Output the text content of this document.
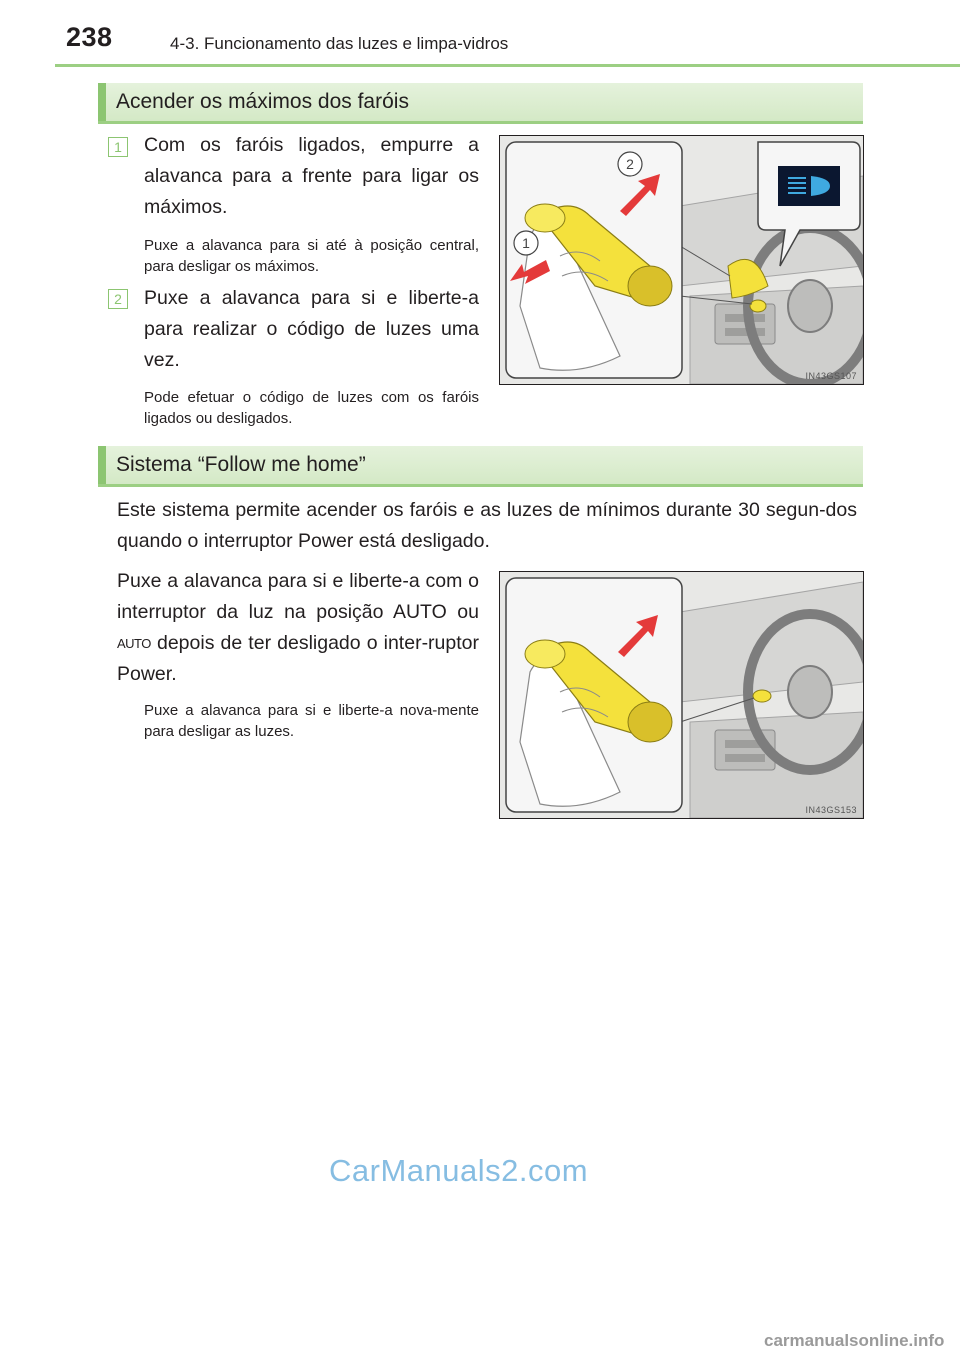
238	4-3. Funcionamento das luzes e limpa-vidros
Acender os máximos dos faróis
1	Com os faróis ligados, empurre a alavanca para a frente para ligar os máximos.
Puxe a alavanca para si até à posição central, para desligar os máximos.
2	Puxe a alavanca para si e liberte-a para realizar o código de luzes uma vez.
Pode efetuar o código de luzes com os faróis ligados ou desligados.
2
1
IN43GS107
Sistema “Follow me home”
Este sistema permite acender os faróis e as luzes de mínimos durante 30 segun-dos quando o interruptor Power está desligado.
Puxe a alavanca para si e liberte-a com o interruptor da luz na posição AUTO ou AUTO depois de ter desligado o inter-ruptor Power.
Puxe a alavanca para si e liberte-a nova-mente para desligar as luzes.
IN43GS153
CarManuals2.com
carmanualsonline.info
